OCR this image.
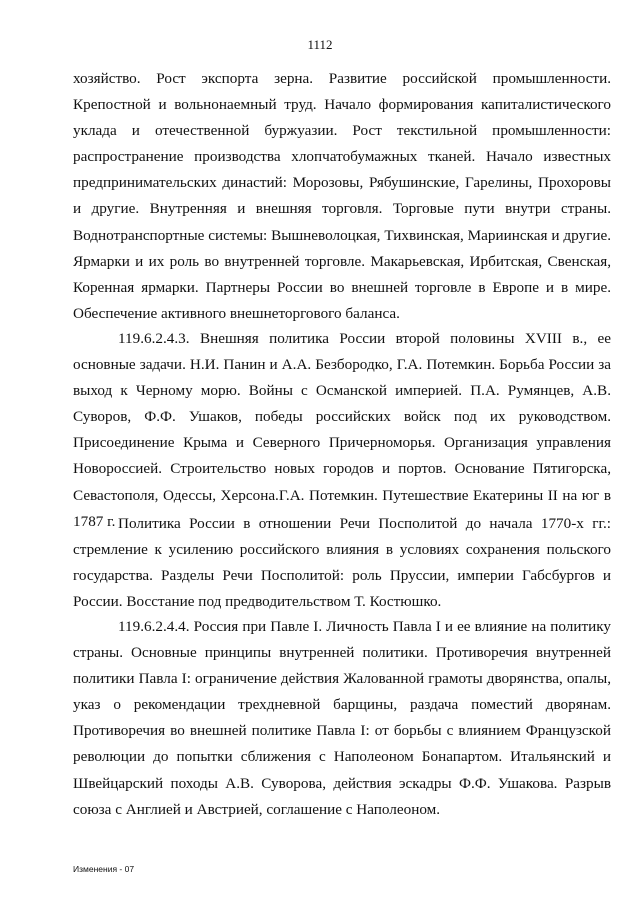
1112

хозяйство. Рост экспорта зерна. Развитие российской промышленности. Крепостной и вольнонаемный труд. Начало формирования капиталистического уклада и отечественной буржуазии. Рост текстильной промышленности: распространение производства хлопчатобумажных тканей. Начало известных предпринимательских династий: Морозовы, Рябушинские, Гарелины, Прохоровы и другие. Внутренняя и внешняя торговля. Торговые пути внутри страны. Воднотранспортные системы: Вышневолоцкая, Тихвинская, Мариинская и другие. Ярмарки и их роль во внутренней торговле. Макарьевская, Ирбитская, Свенская, Коренная ярмарки. Партнеры России во внешней торговле в Европе и в мире. Обеспечение активного внешнеторгового баланса.

119.6.2.4.3. Внешняя политика России второй половины XVIII в., ее основные задачи. Н.И. Панин и А.А. Безбородко, Г.А. Потемкин. Борьба России за выход к Черному морю. Войны с Османской империей. П.А. Румянцев, А.В. Суворов, Ф.Ф. Ушаков, победы российских войск под их руководством. Присоединение Крыма и Северного Причерноморья. Организация управления Новороссией. Строительство новых городов и портов. Основание Пятигорска, Севастополя, Одессы, Херсона.Г.А. Потемкин. Путешествие Екатерины II на юг в 1787 г. Политика России в отношении Речи Посполитой до начала 1770-х гг.: стремление к усилению российского влияния в условиях сохранения польского государства. Разделы Речи Посполитой: роль Пруссии, империи Габсбургов и России. Восстание под предводительством Т. Костюшко.

119.6.2.4.4. Россия при Павле I. Личность Павла I и ее влияние на политику страны. Основные принципы внутренней политики. Противоречия внутренней политики Павла I: ограничение действия Жалованной грамоты дворянства, опалы, указ о рекомендации трехдневной барщины, раздача поместий дворянам. Противоречия во внешней политике Павла I: от борьбы с влиянием Французской революции до попытки сближения с Наполеоном Бонапартом. Итальянский и Швейцарский походы А.В. Суворова, действия эскадры Ф.Ф. Ушакова. Разрыв союза с Англией и Австрией, соглашение с Наполеоном.

Изменения - 07
